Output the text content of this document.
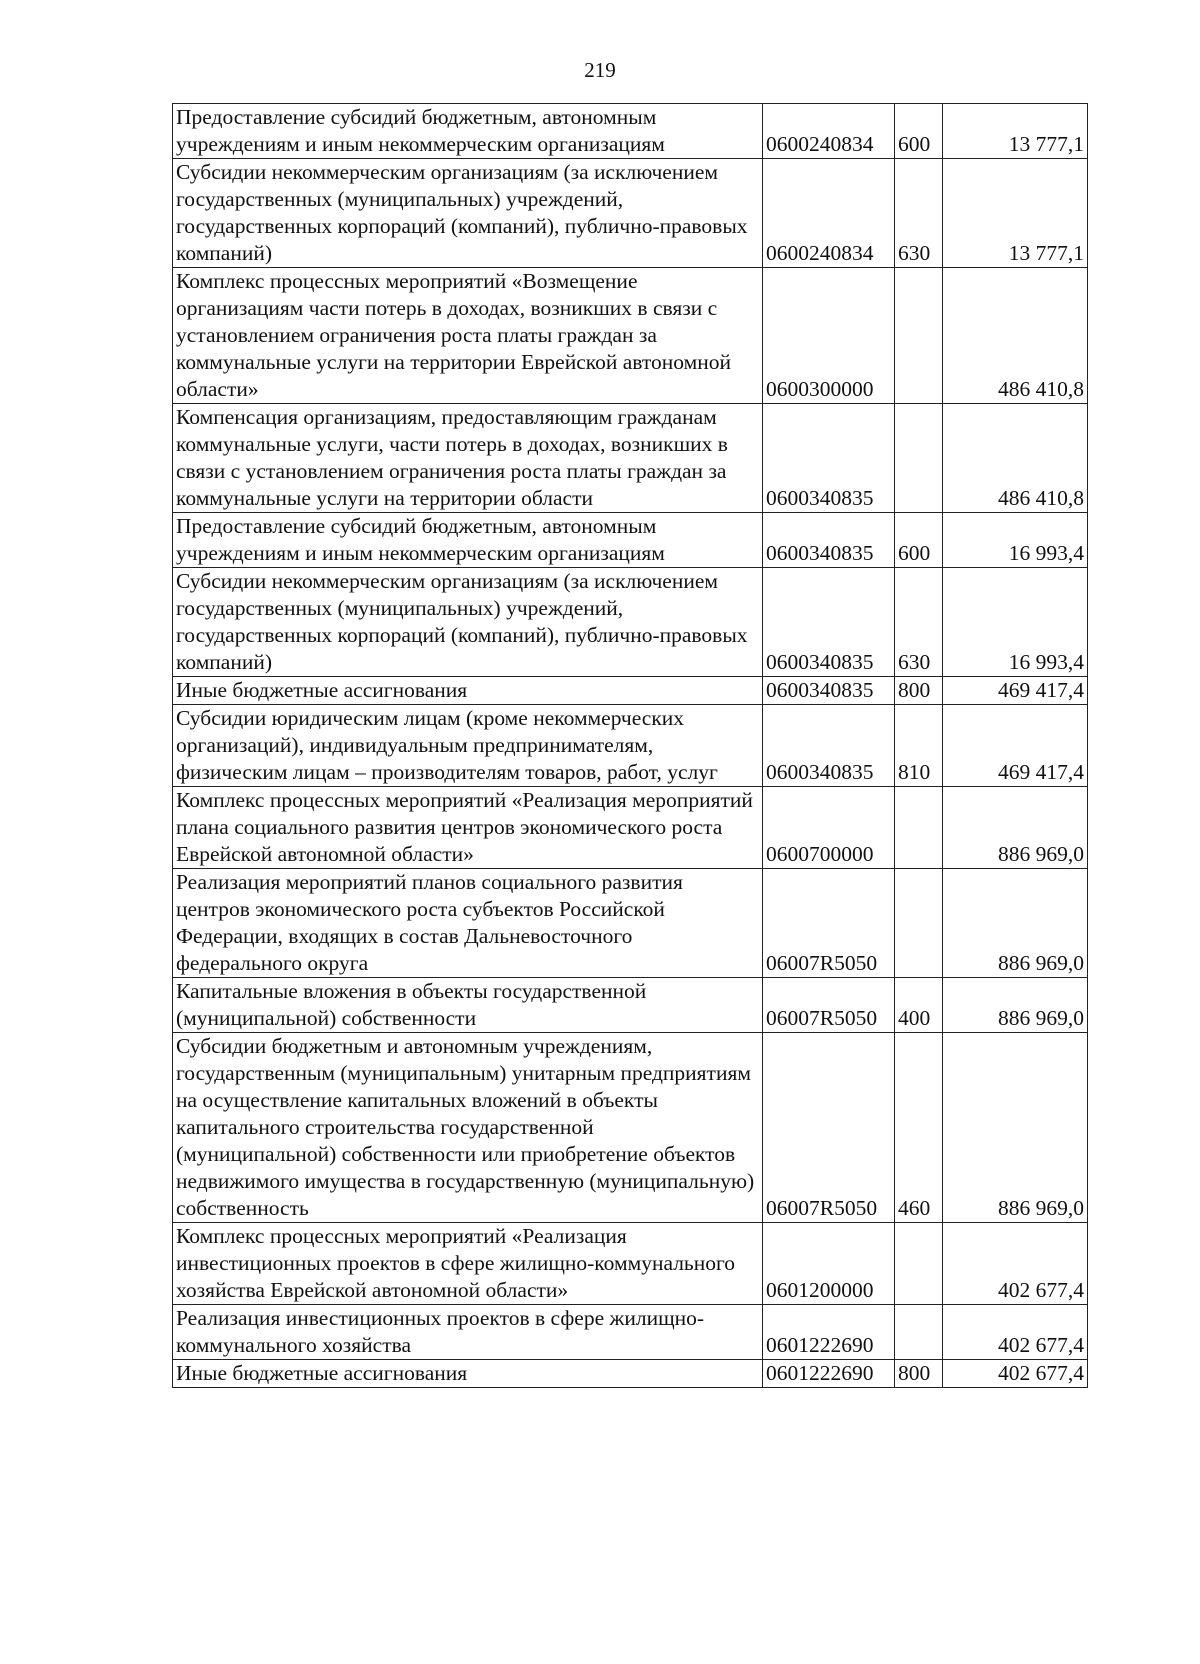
219
Предоставление субсидий бюджетным, автономным учреждениям и иным некоммерческим организациям	0600240834	600	13 777,1
Субсидии некоммерческим организациям (за исключением государственных (муниципальных) учреждений, государственных корпораций (компаний), публично-правовых компаний)	0600240834	630	13 777,1
Комплекс процессных мероприятий «Возмещение организациям части потерь в доходах, возникших в связи с установлением ограничения роста платы граждан за коммунальные услуги на территории Еврейской автономной области»	0600300000		486 410,8
Компенсация организациям, предоставляющим гражданам коммунальные услуги, части потерь в доходах, возникших в связи с установлением ограничения роста платы граждан за коммунальные услуги на территории области	0600340835		486 410,8
Предоставление субсидий бюджетным, автономным учреждениям и иным некоммерческим организациям	0600340835	600	16 993,4
Субсидии некоммерческим организациям (за исключением государственных (муниципальных) учреждений, государственных корпораций (компаний), публично-правовых компаний)	0600340835	630	16 993,4
Иные бюджетные ассигнования	0600340835	800	469 417,4
Субсидии юридическим лицам (кроме некоммерческих организаций), индивидуальным предпринимателям, физическим лицам – производителям товаров, работ, услуг	0600340835	810	469 417,4
Комплекс процессных мероприятий «Реализация мероприятий плана социального развития центров экономического роста Еврейской автономной области»	0600700000		886 969,0
Реализация мероприятий планов социального развития центров экономического роста субъектов Российской Федерации, входящих в состав Дальневосточного федерального округа	06007R5050		886 969,0
Капитальные вложения в объекты государственной (муниципальной) собственности	06007R5050	400	886 969,0
Субсидии бюджетным и автономным учреждениям, государственным (муниципальным) унитарным предприятиям на осуществление капитальных вложений в объекты капитального строительства государственной (муниципальной) собственности или приобретение объектов недвижимого имущества в государственную (муниципальную) собственность	06007R5050	460	886 969,0
Комплекс процессных мероприятий «Реализация инвестиционных проектов в сфере жилищно-коммунального хозяйства Еврейской автономной области»	0601200000		402 677,4
Реализация инвестиционных проектов в сфере жилищно-коммунального хозяйства	0601222690		402 677,4
Иные бюджетные ассигнования	0601222690	800	402 677,4
